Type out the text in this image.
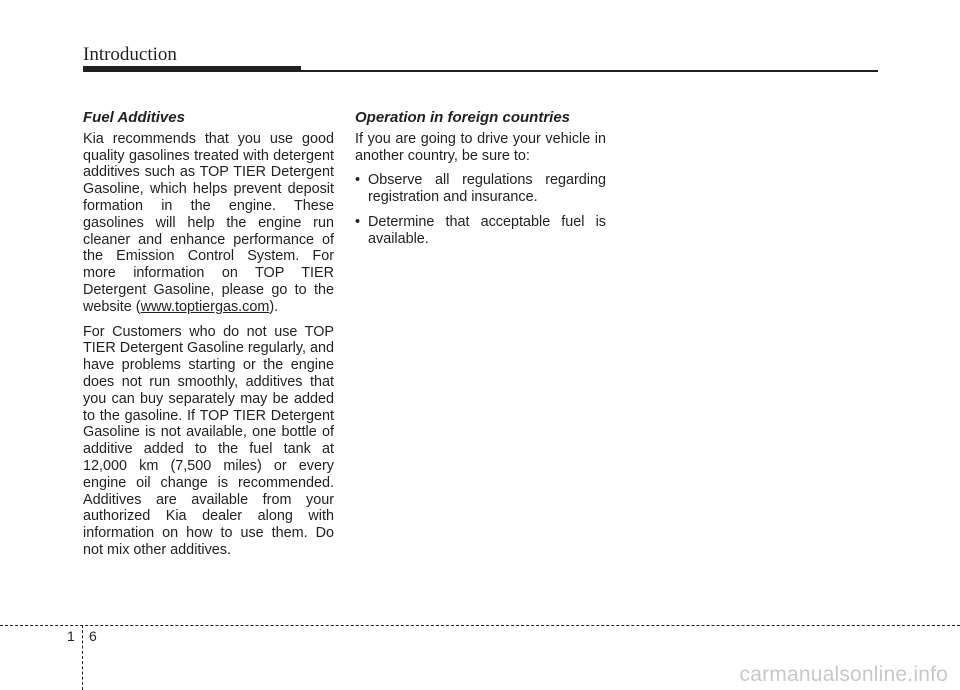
Introduction
Fuel Additives

Kia recommends that you use good quality gasolines treated with detergent additives such as TOP TIER Detergent Gasoline, which helps prevent deposit formation in the engine. These gasolines will help the engine run cleaner and enhance performance of the Emission Control System. For more information on TOP TIER Detergent Gasoline, please go to the website (www.toptiergas.com).

For Customers who do not use TOP TIER Detergent Gasoline regularly, and have problems starting or the engine does not run smoothly, additives that you can buy separately may be added to the gasoline. If TOP TIER Detergent Gasoline is not available, one bottle of additive added to the fuel tank at 12,000 km (7,500 miles) or every engine oil change is recommended. Additives are available from your authorized Kia dealer along with information on how to use them. Do not mix other additives.

Operation in foreign countries

If you are going to drive your vehicle in another country, be sure to:

• Observe all regulations regarding registration and insurance.
• Determine that acceptable fuel is available.
1 6
carmanualsonline.info
